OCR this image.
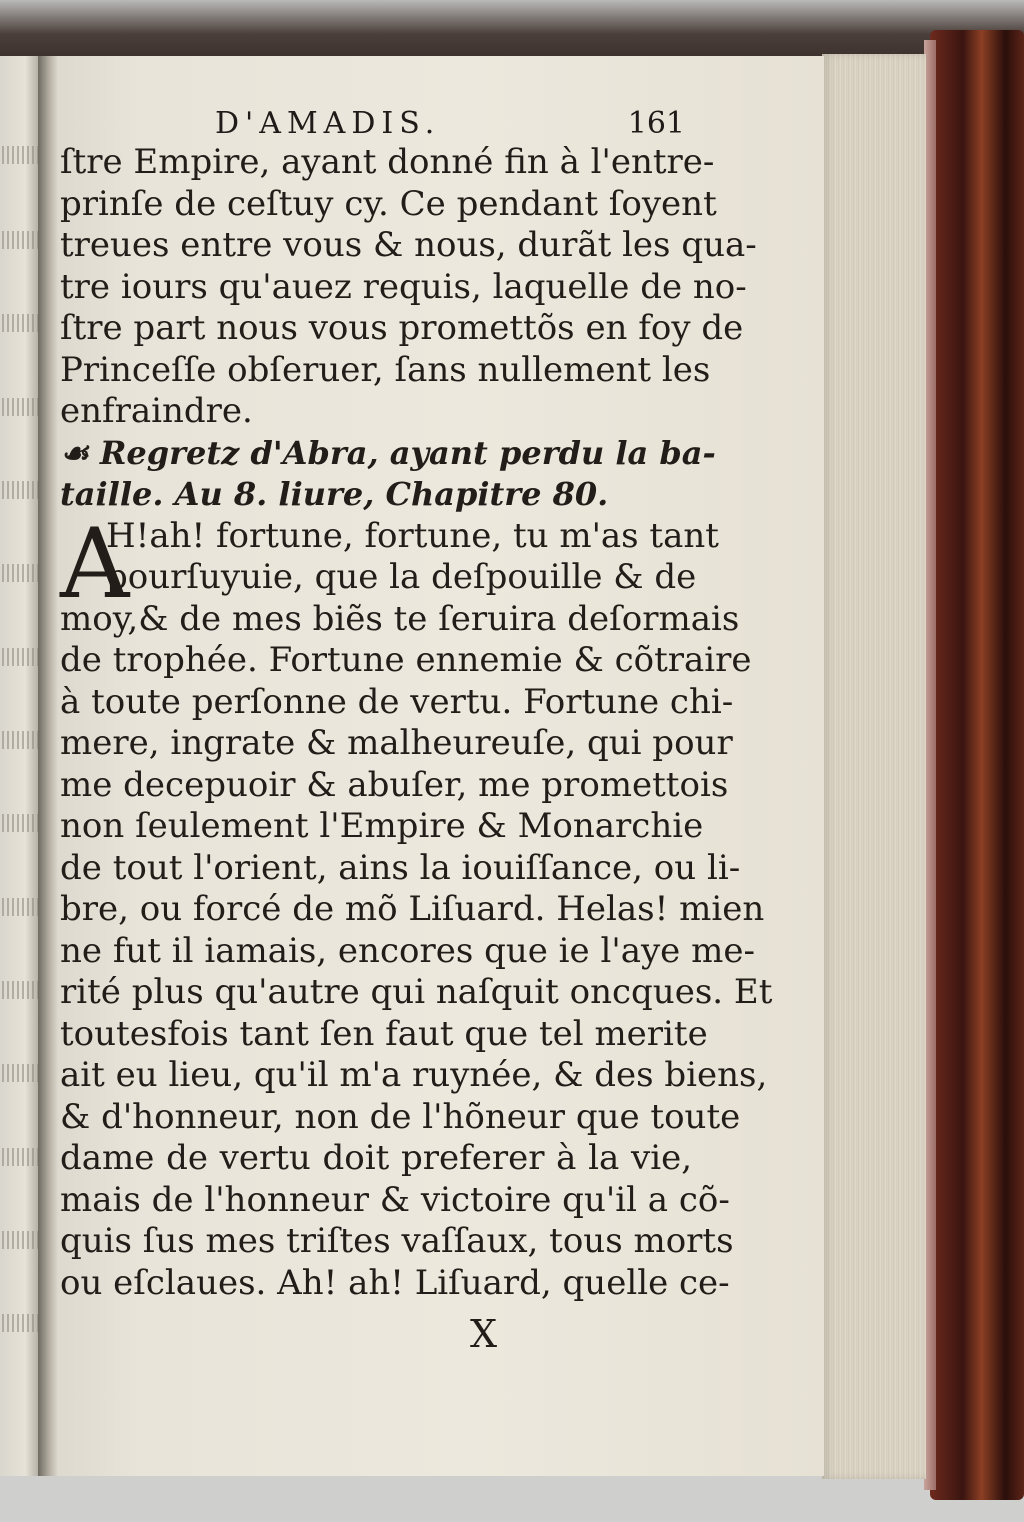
D'AMADIS.	161
ſtre Empire, ayant donné fin à l'entre-
prinſe de ceſtuy cy. Ce pendant ſoyent
treues entre vous & nous, durãt les qua-
tre iours qu'auez requis, laquelle de no-
ſtre part nous vous promettõs en foy de
Princeſſe obſeruer, ſans nullement les
enfraindre.
☙ Regretz d'Abra, ayant perdu la ba-
taille. Au 8. liure, Chapitre 80.
H!ah! fortune, fortune, tu m'as tant
pourſuyuie, que la deſpouille & de
moy,& de mes biẽs te ſeruira deſormais
de trophée. Fortune ennemie & cõtraire
à toute perſonne de vertu. Fortune chi-
mere, ingrate & malheureuſe, qui pour
me decepuoir & abuſer, me promettois
non ſeulement l'Empire & Monarchie
de tout l'orient, ains la iouiſſance, ou li-
bre, ou forcé de mõ Liſuard. Helas! mien
ne fut il iamais, encores que ie l'aye me-
rité plus qu'autre qui naſquit oncques. Et
toutesfois tant ſen faut que tel merite
ait eu lieu, qu'il m'a ruynée, & des biens,
& d'honneur, non de l'hõneur que toute
dame de vertu doit preferer à la vie,
mais de l'honneur & victoire qu'il a cõ-
quis ſus mes triſtes vaſſaux, tous morts
ou eſclaues. Ah! ah! Liſuard, quelle ce-
A
X
